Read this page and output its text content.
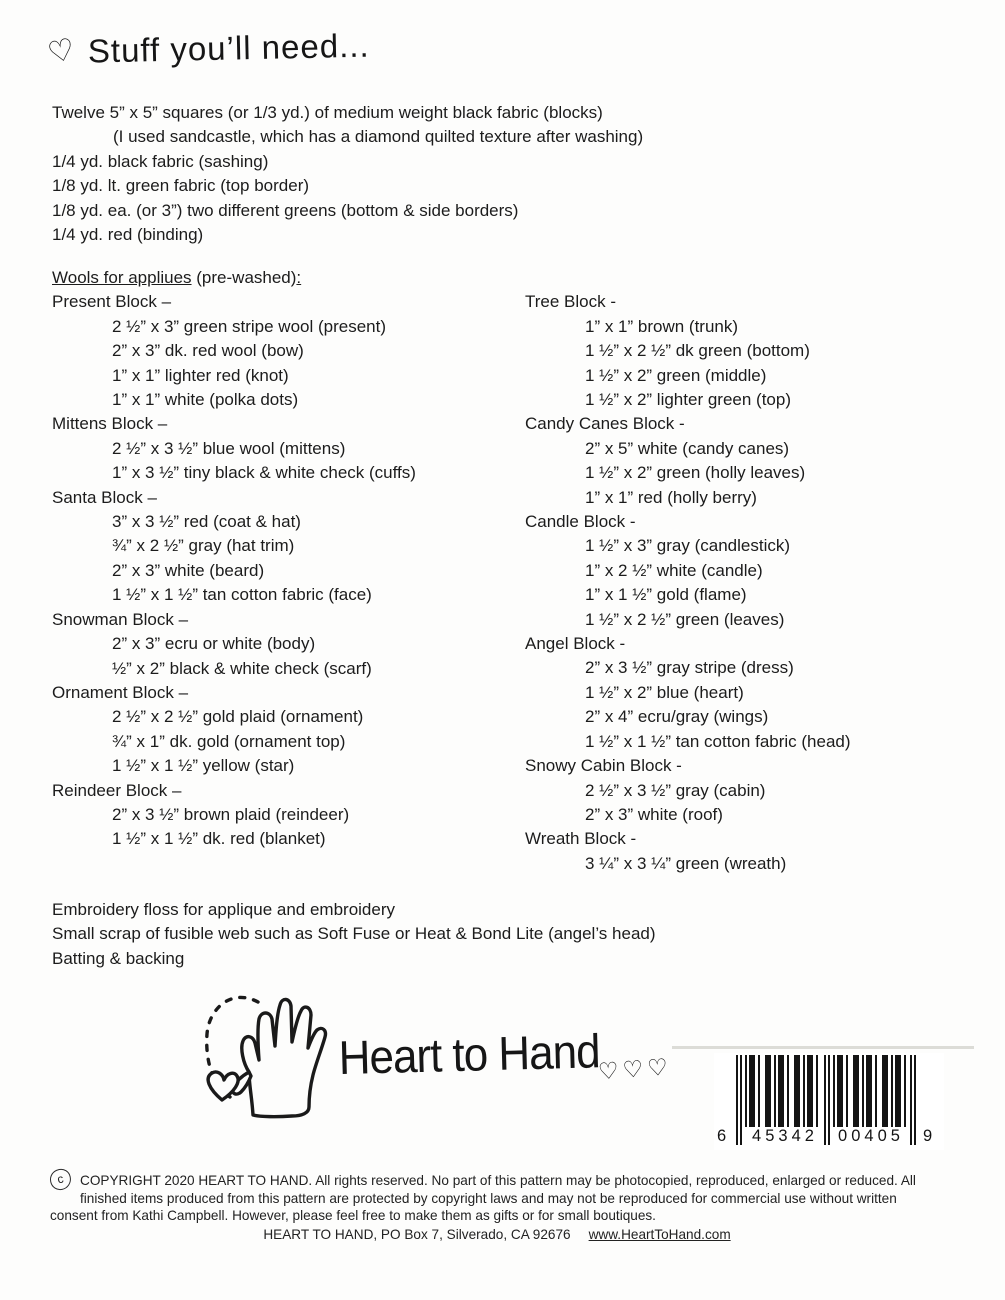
♡ Stuff you’ll need...
Twelve 5” x 5” squares (or 1/3 yd.) of medium weight black fabric (blocks)
(I used sandcastle, which has a diamond quilted texture after washing)
1/4 yd. black fabric (sashing)
1/8 yd. lt. green fabric (top border)
1/8 yd. ea. (or 3”) two different greens (bottom & side borders)
1/4 yd. red (binding)
Wools for appliues (pre-washed):
Present Block –
2 ½” x 3” green stripe wool (present)
2” x 3” dk. red wool (bow)
1” x 1” lighter red (knot)
1” x 1” white (polka dots)
Mittens Block –
2 ½” x 3 ½” blue wool (mittens)
1” x 3 ½” tiny black & white check (cuffs)
Santa Block –
3” x 3 ½” red (coat & hat)
¾” x 2 ½” gray (hat trim)
2” x 3” white (beard)
1 ½” x 1 ½” tan cotton fabric (face)
Snowman Block –
2” x 3” ecru or white (body)
½” x 2” black & white check (scarf)
Ornament Block –
2 ½” x 2 ½” gold plaid (ornament)
¾” x 1” dk. gold (ornament top)
1 ½” x 1 ½” yellow (star)
Reindeer Block –
2” x 3 ½” brown plaid (reindeer)
1 ½” x 1 ½” dk. red (blanket)
Tree Block -
1” x 1” brown (trunk)
1 ½” x 2 ½” dk green (bottom)
1 ½” x 2” green (middle)
1 ½” x 2” lighter green (top)
Candy Canes Block -
2” x 5” white (candy canes)
1 ½” x 2” green (holly leaves)
1” x 1” red (holly berry)
Candle Block -
1 ½” x 3” gray (candlestick)
1” x 2 ½” white (candle)
1” x 1 ½” gold (flame)
1 ½” x 2 ½” green (leaves)
Angel Block -
2” x 3 ½” gray stripe (dress)
1 ½” x 2” blue (heart)
2” x 4” ecru/gray (wings)
1 ½” x 1 ½” tan cotton fabric (head)
Snowy Cabin Block -
2 ½” x 3 ½” gray (cabin)
2” x 3” white (roof)
Wreath Block -
3 ¼” x 3 ¼” green (wreath)
Embroidery floss for applique and embroidery
Small scrap of fusible web such as Soft Fuse or Heat & Bond Lite (angel’s head)
Batting & backing
Heart to Hand
♡♡♡
6	45342	00405	9
c	COPYRIGHT 2020 HEART TO HAND. All rights reserved. No part of this pattern may be photocopied, reproduced, enlarged or reduced. All finished items produced from this pattern are protected by copyright laws and may not be reproduced for commercial use without written consent from Kathi Campbell. However, please feel free to make them as gifts or for small boutiques.
HEART TO HAND, PO Box 7, Silverado, CA 92676 www.HeartToHand.com
